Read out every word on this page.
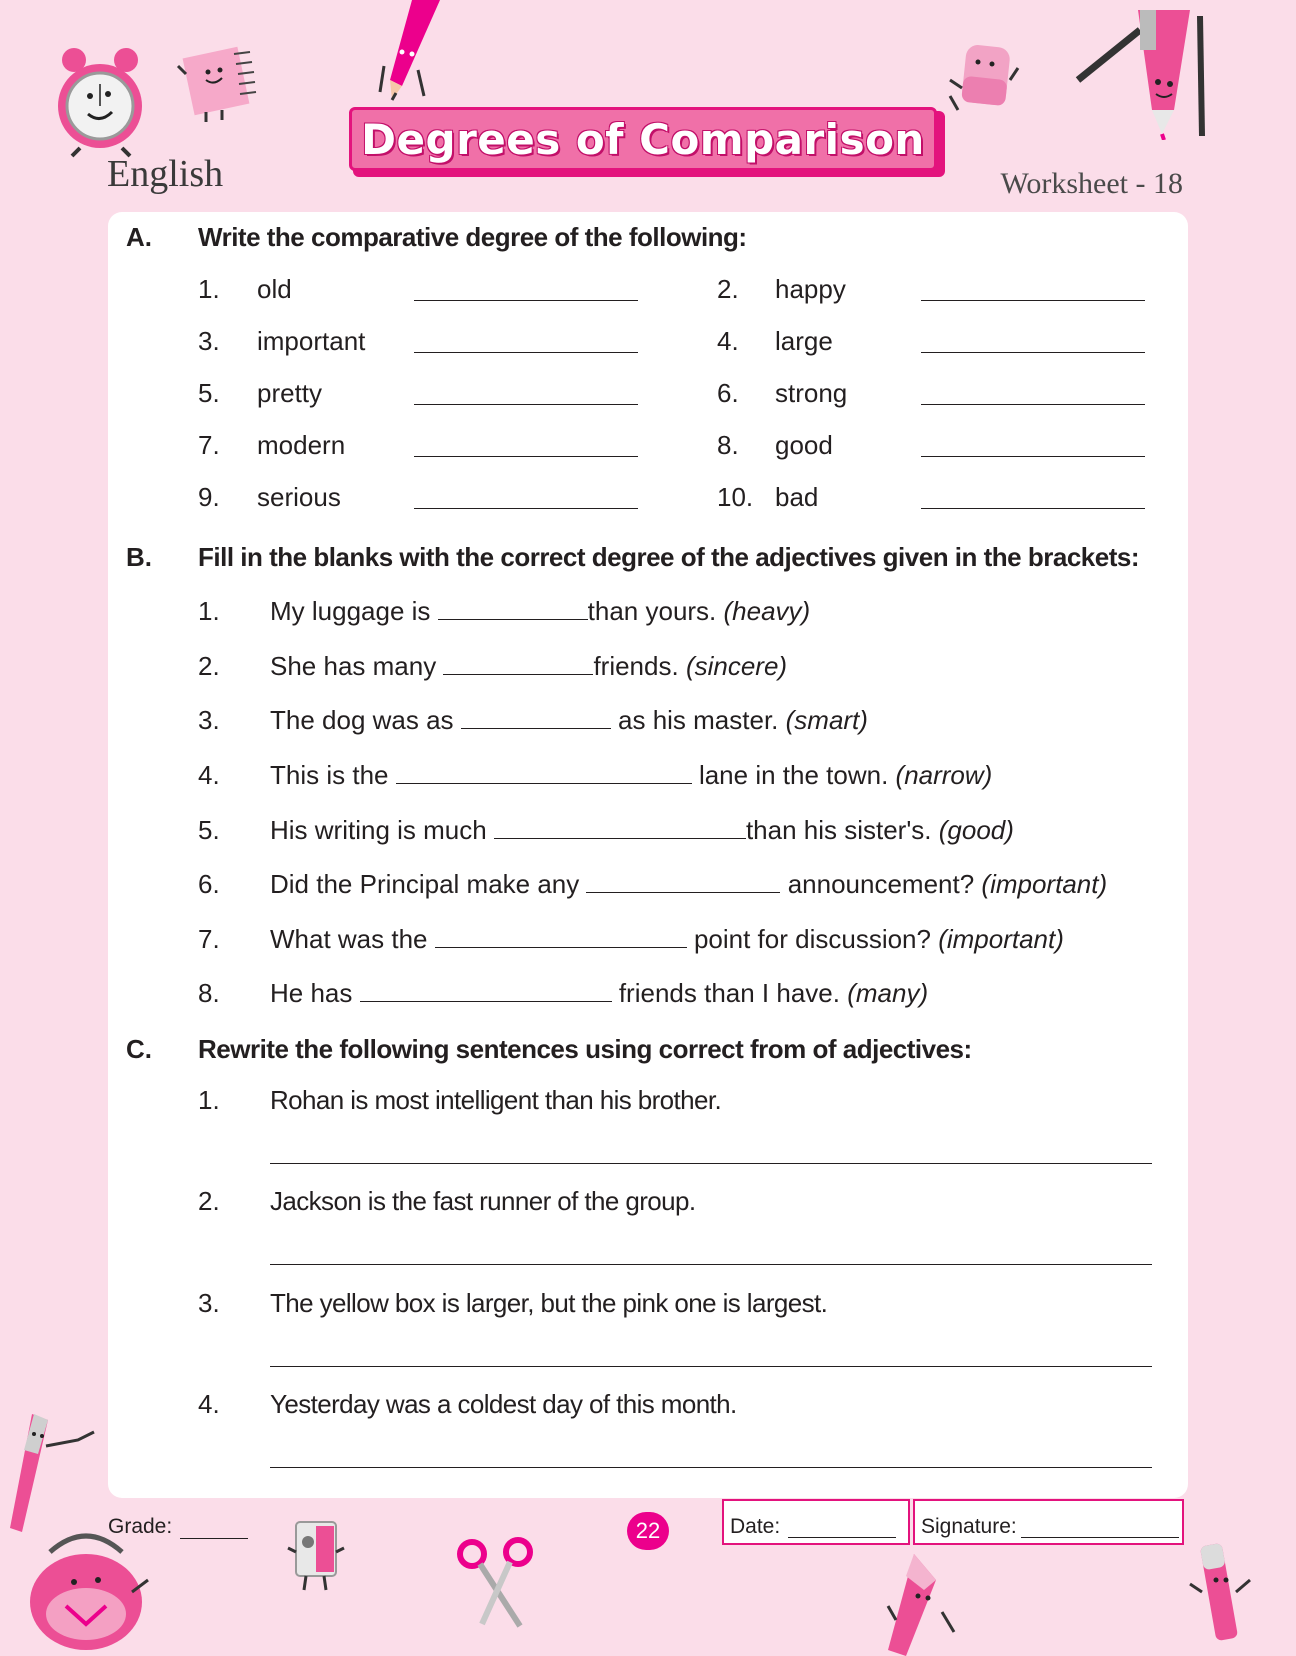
English
Degrees of Comparison
Worksheet - 18
A. Write the comparative degree of the following:
1. old	2. happy
3. important	4. large
5. pretty	6. strong
7. modern	8. good
9. serious	10. bad
B. Fill in the blanks with the correct degree of the adjectives given in the brackets:
1. My luggage is	than yours. (heavy)
2. She has many	friends. (sincere)
3. The dog was as	as his master. (smart)
4. This is the	lane in the town. (narrow)
5. His writing is much	than his sister's. (good)
6. Did the Principal make any	announcement? (important)
7. What was the	point for discussion? (important)
8. He has	friends than I have. (many)
C. Rewrite the following sentences using correct from of adjectives:
1. Rohan is most intelligent than his brother.
2. Jackson is the fast runner of the group.
3. The yellow box is larger, but the pink one is largest.
4. Yesterday was a coldest day of this month.
Grade:	22	Date:	Signature:
